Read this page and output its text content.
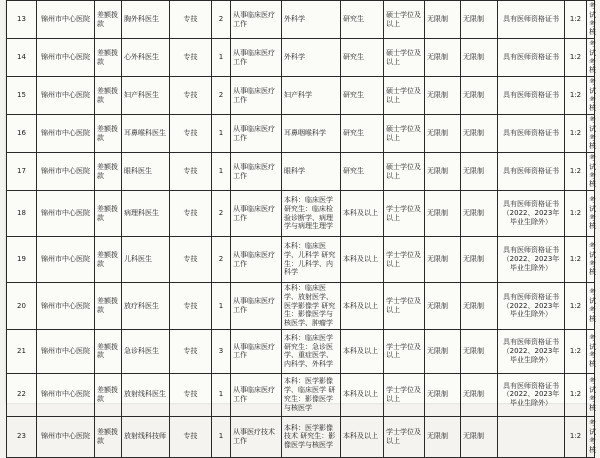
13	锦州市中心医院	差额拨款	胸外科医生	专技	2	从事临床医疗工作	外科学	研究生	硕士学位及以上	无限制	无限制	具有医师资格证书	1:2	考试考核
14	锦州市中心医院	差额拨款	心外科医生	专技	1	从事临床医疗工作	外科学	研究生	硕士学位及以上	无限制	无限制	具有医师资格证书	1:2	考试考核
15	锦州市中心医院	差额拨款	妇产科医生	专技	2	从事临床医疗工作	妇产科学	研究生	硕士学位及以上	无限制	无限制	具有医师资格证书	1:2	考试考核
16	锦州市中心医院	差额拨款	耳鼻喉科医生	专技	1	从事临床医疗工作	耳鼻咽喉科学	研究生	硕士学位及以上	无限制	无限制	具有医师资格证书	1:2	考试考核
17	锦州市中心医院	差额拨款	眼科医生	专技	1	从事临床医疗工作	眼科学	研究生	硕士学位及以上	无限制	无限制	具有医师资格证书	1:2	考试考核
18	锦州市中心医院	差额拨款	病理科医生	专技	2	从事临床医疗工作	本科：临床医学 研究生：临床检验诊断学、病理学与病理生理学	本科及以上	学士学位及以上	无限制	无限制	具有医师资格证书（2022、2023年毕业生除外）	1:2	考试考核
19	锦州市中心医院	差额拨款	儿科医生	专技	2	从事临床医疗工作	本科：临床医学、儿科学 研究生：儿科学、内科学	本科及以上	学士学位及以上	无限制	无限制	具有医师资格证书（2022、2023年毕业生除外）	1:2	考试考核
20	锦州市中心医院	差额拨款	放疗科医生	专技	1	从事临床医疗工作	本科：临床医学、放射医学、医学影像学 研究生：影像医学与核医学、肿瘤学	本科及以上	学士学位及以上	无限制	无限制	具有医师资格证书（2022、2023年毕业生除外）	1:2	考试考核
21	锦州市中心医院	差额拨款	急诊科医生	专技	3	从事临床医疗工作	本科：临床医学 研究生：急诊医学、重症医学、内科学、外科学	本科及以上	学士学位及以上	无限制	无限制	具有医师资格证书（2022、2023年毕业生除外）	1:2	考试考核
22	锦州市中心医院	差额拨款	放射线科医生	专技	1	从事临床医疗工作	本科：医学影像学、临床医学 研究生：影像医学与核医学	本科及以上	学士学位及以上	无限制	无限制	具有医师资格证书（2022、2023年毕业生除外）	1:2	考试考核
23	锦州市中心医院	差额拨款	放射线科技师	专技	1	从事医疗技术工作	本科：医学影像技术 研究生：影像医学与核医学	本科及以上	学士学位及以上	无限制	无限制		1:2	考试考核
